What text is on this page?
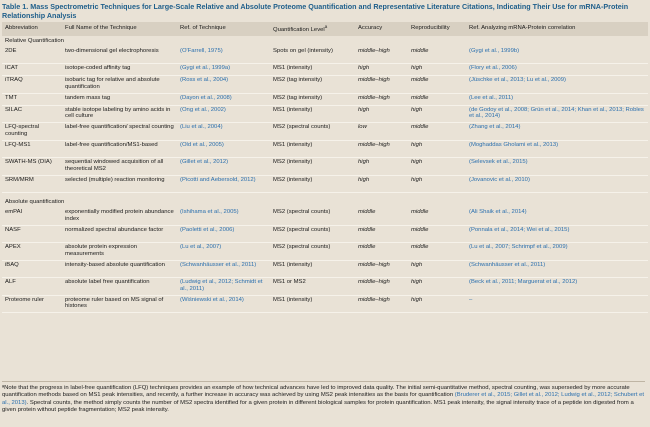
Table 1. Mass Spectrometric Techniques for Large-Scale Relative and Absolute Proteome Quantification and Representative Literature Citations, Indicating Their Use for mRNA-Protein Relationship Analysis
Abbreviation	Full Name of the Technique	Ref. of Technique	Quantification Level$^a$	Accuracy	Reproducibility	Ref. Analyzing mRNA-Protein correlation
Relative Quantification						
2DE	two-dimensional gel electrophoresis	(O'Farrell, 1975)	Spots on gel (intensity)	middle–high	middle	(Gygi et al., 1999b)
ICAT	isotope-coded affinity tag	(Gygi et al., 1999a)	MS1 (intensity)	high	high	(Flory et al., 2006)
iTRAQ	isobaric tag for relative and absolute quantification	(Ross et al., 2004)	MS2 (tag intensity)	middle–high	middle	(Jüschke et al., 2013; Lu et al., 2009)
TMT	tandem mass tag	(Dayon et al., 2008)	MS2 (tag intensity)	middle–high	middle	(Lee et al., 2011)
SILAC	stable isotope labeling by amino acids in cell culture	(Ong et al., 2002)	MS1 (intensity)	high	high	(de Godoy et al., 2008; Grün et al., 2014; Khan et al., 2013; Robles et al., 2014)
LFQ-spectral counting	label-free quantification/ spectral counting	(Liu et al., 2004)	MS2 (spectral counts)	low	middle	(Zhang et al., 2014)
LFQ-MS1	label-free quantification/MS1-based	(Old et al., 2005)	MS1 (intensity)	middle–high	high	(Moghaddas Gholami et al., 2013)
SWATH-MS (DIA)	sequential windowed acquisition of all theoretical MS2	(Gillet et al., 2012)	MS2 (intensity)	high	high	(Selevsek et al., 2015)
SRM/MRM	selected (multiple) reaction monitoring	(Picotti and Aebersold, 2012)	MS2 (intensity)	high	high	(Jovanovic et al., 2010)
Absolute quantification						
emPAI	exponentially modified protein abundance index	(Ishihama et al., 2005)	MS2 (spectral counts)	middle	middle	(Ali Shaik et al., 2014)
NASF	normalized spectral abundance factor	(Paoletti et al., 2006)	MS2 (spectral counts)	middle	middle	(Ponnala et al., 2014; Wei et al., 2015)
APEX	absolute protein expression measurements	(Lu et al., 2007)	MS2 (spectral counts)	middle	middle	(Lu et al., 2007; Schrimpf et al., 2009)
iBAQ	intensity-based absolute quantification	(Schwanhäusser et al., 2011)	MS1 (intensity)	middle–high	high	(Schwanhäusser et al., 2011)
ALF	absolute label free quantification	(Ludwig et al., 2012; Schmidt et al., 2011)	MS1 or MS2	middle–high	high	(Beck et al., 2011; Marguerat et al., 2012)
Proteome ruler	proteome ruler based on MS signal of histones	(Wiśniewski et al., 2014)	MS1 (intensity)	middle–high	high	–
ªNote that the progress in label-free quantification (LFQ) techniques provides an example of how technical advances have led to improved data quality. The initial semi-quantitative method, spectral counting, was superseded by more accurate quantification methods based on MS1 peak intensities, and recently, a further increase in accuracy was achieved by using MS2 peak intensities as the basis for quantification (Bruderer et al., 2015; Gillet et al., 2012; Ludwig et al., 2012; Schubert et al., 2013). Spectral counts, the method simply counts the number of MS2 spectra identified for a given protein in different biological samples for protein quantification. MS1 peak intensity, the signal intensity trace of a peptide ion digested from a given protein without peptide fragmentation; MS2 peak intensity.
